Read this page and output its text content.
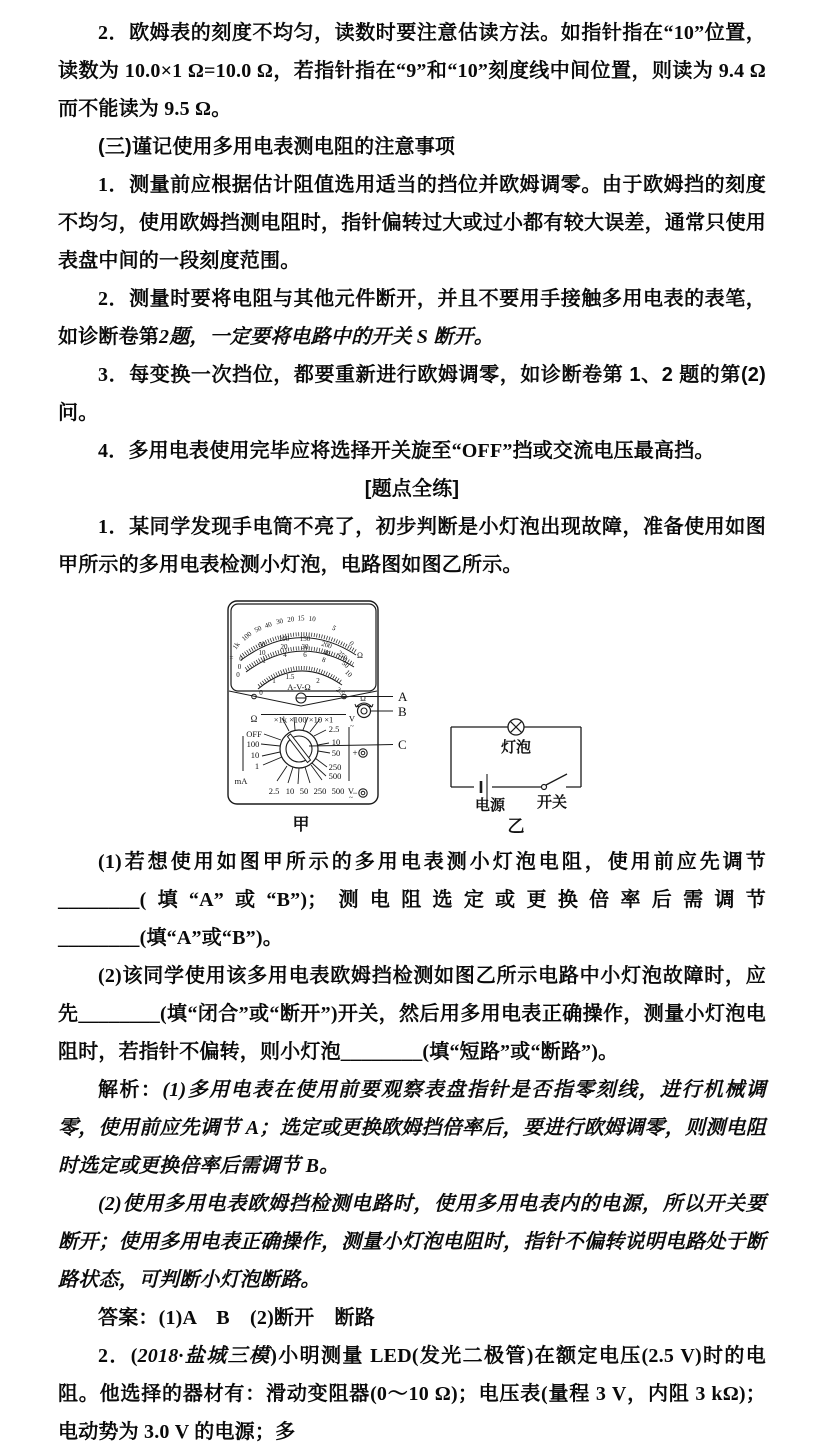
2．欧姆表的刻度不均匀，读数时要注意估读方法。如指针指在“10”位置，读数为 10.0×1 Ω=10.0 Ω，若指针指在“9”和“10”刻度线中间位置，则读为 9.4 Ω 而不能读为 9.5 Ω。

(三)谨记使用多用电表测电阻的注意事项

1．测量前应根据估计阻值选用适当的挡位并欧姆调零。由于欧姆挡的刻度不均匀，使用欧姆挡测电阻时，指针偏转过大或过小都有较大误差，通常只使用表盘中间的一段刻度范围。

2．测量时要将电阻与其他元件断开，并且不要用手接触多用电表的表笔，如诊断卷第2题，一定要将电路中的开关 S 断开。

3．每变换一次挡位，都要重新进行欧姆调零，如诊断卷第 1、2 题的第(2)问。

4．多用电表使用完毕应将选择开关旋至“OFF”挡或交流电压最高挡。

[题点全练]

1．某同学发现手电筒不亮了，初步判断是小灯泡出现故障，准备使用如图甲所示的多用电表检测小灯泡，电路图如图乙所示。

1k
100
50 40 30 20 15 10
5
0
Ω
= 0
0
0
50
100 150
200
250
10
20 30
40
50
1
4 6
8
10
0
1 1.5	2
2.5
A-V-Ω
Ω
Ω ×1k ×100 ×10 ×1 V
~
OFF
100
10
1
mA
2.5
10
50
250
500
+
−
2.5 10 50 250 500 V
~
A
B
C
甲
灯泡
电源 开关
乙

(1)若想使用如图甲所示的多用电表测小灯泡电阻，使用前应先调节________(填“A”或“B”)；测电阻选定或更换倍率后需调节________(填“A”或“B”)。

(2)该同学使用该多用电表欧姆挡检测如图乙所示电路中小灯泡故障时，应先________(填“闭合”或“断开”)开关，然后用多用电表正确操作，测量小灯泡电阻时，若指针不偏转，则小灯泡________(填“短路”或“断路”)。

解析：(1)多用电表在使用前要观察表盘指针是否指零刻线，进行机械调零，使用前应先调节 A；选定或更换欧姆挡倍率后，要进行欧姆调零，则测电阻时选定或更换倍率后需调节 B。

(2)使用多用电表欧姆挡检测电路时，使用多用电表内的电源，所以开关要断开；使用多用电表正确操作，测量小灯泡电阻时，指针不偏转说明电路处于断路状态，可判断小灯泡断路。

答案：(1)A　B　(2)断开　断路

2．(2018·盐城三模)小明测量 LED(发光二极管)在额定电压(2.5 V)时的电阻。他选择的器材有：滑动变阻器(0～10 Ω)；电压表(量程 3 V，内阻 3 kΩ)；电动势为 3.0 V 的电源；多
